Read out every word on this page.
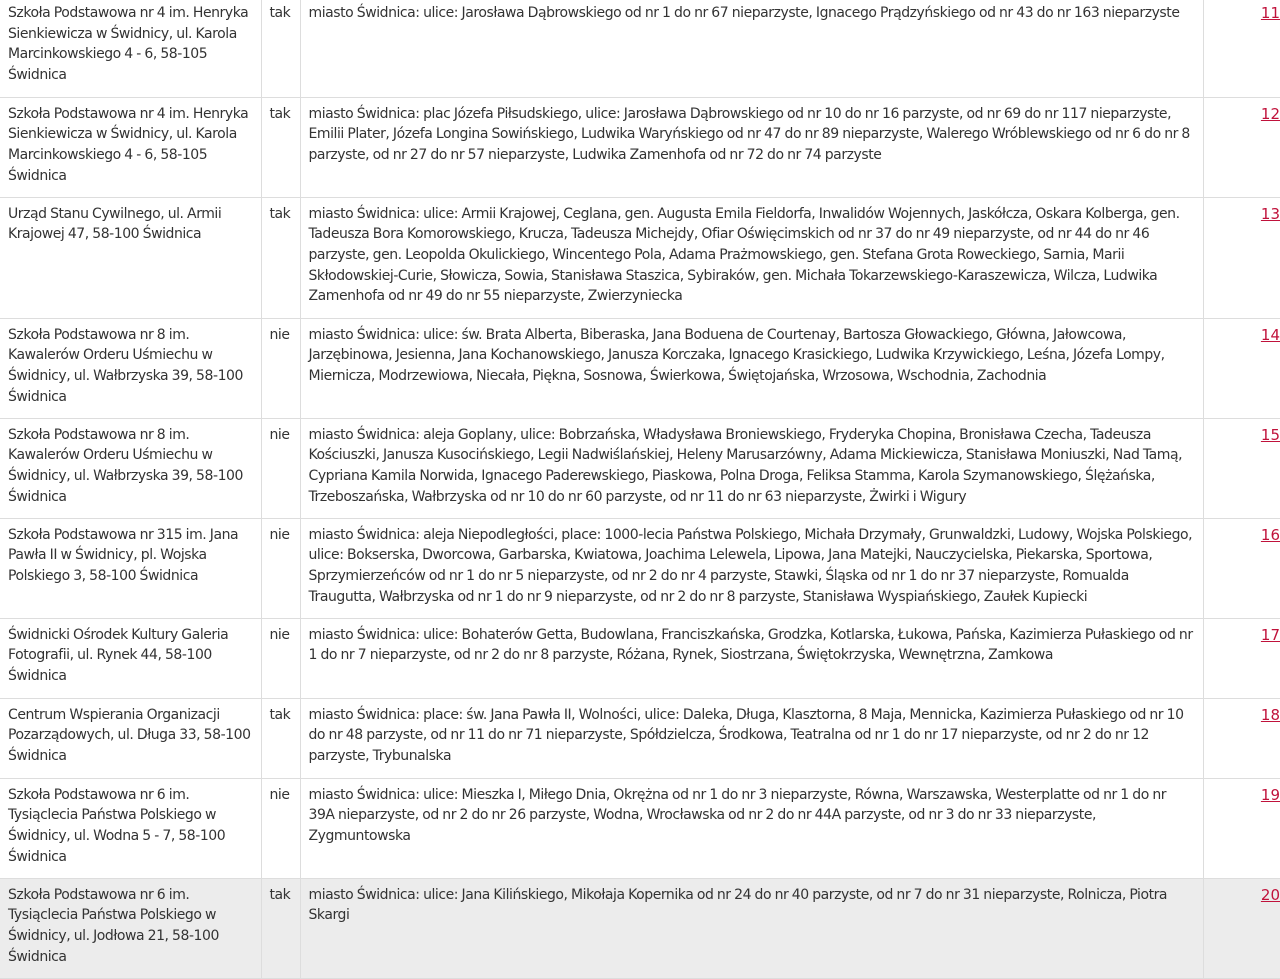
Szkoła Podstawowa nr 4 im. Henryka Sienkiewicza w Świdnicy, ul. Karola Marcinkowskiego 4 - 6, 58-105 Świdnica	tak	miasto Świdnica: ulice: Jarosława Dąbrowskiego od nr 1 do nr 67 nieparzyste, Ignacego Prądzyńskiego od nr 43 do nr 163 nieparzyste	11
Szkoła Podstawowa nr 4 im. Henryka Sienkiewicza w Świdnicy, ul. Karola Marcinkowskiego 4 - 6, 58-105 Świdnica	tak	miasto Świdnica: plac Józefa Piłsudskiego, ulice: Jarosława Dąbrowskiego od nr 10 do nr 16 parzyste, od nr 69 do nr 117 nieparzyste, Emilii Plater, Józefa Longina Sowińskiego, Ludwika Waryńskiego od nr 47 do nr 89 nieparzyste, Walerego Wróblewskiego od nr 6 do nr 8 parzyste, od nr 27 do nr 57 nieparzyste, Ludwika Zamenhofa od nr 72 do nr 74 parzyste	12
Urząd Stanu Cywilnego, ul. Armii Krajowej 47, 58-100 Świdnica	tak	miasto Świdnica: ulice: Armii Krajowej, Ceglana, gen. Augusta Emila Fieldorfa, Inwalidów Wojennych, Jaskółcza, Oskara Kolberga, gen. Tadeusza Bora Komorowskiego, Krucza, Tadeusza Michejdy, Ofiar Oświęcimskich od nr 37 do nr 49 nieparzyste, od nr 44 do nr 46 parzyste, gen. Leopolda Okulickiego, Wincentego Pola, Adama Prażmowskiego, gen. Stefana Grota Roweckiego, Sarnia, Marii Skłodowskiej-Curie, Słowicza, Sowia, Stanisława Staszica, Sybiraków, gen. Michała Tokarzewskiego-Karaszewicza, Wilcza, Ludwika Zamenhofa od nr 49 do nr 55 nieparzyste, Zwierzyniecka	13
Szkoła Podstawowa nr 8 im. Kawalerów Orderu Uśmiechu w Świdnicy, ul. Wałbrzyska 39, 58-100 Świdnica	nie	miasto Świdnica: ulice: św. Brata Alberta, Biberaska, Jana Boduena de Courtenay, Bartosza Głowackiego, Główna, Jałowcowa, Jarzębinowa, Jesienna, Jana Kochanowskiego, Janusza Korczaka, Ignacego Krasickiego, Ludwika Krzywickiego, Leśna, Józefa Lompy, Miernicza, Modrzewiowa, Niecała, Piękna, Sosnowa, Świerkowa, Świętojańska, Wrzosowa, Wschodnia, Zachodnia	14
Szkoła Podstawowa nr 8 im. Kawalerów Orderu Uśmiechu w Świdnicy, ul. Wałbrzyska 39, 58-100 Świdnica	nie	miasto Świdnica: aleja Goplany, ulice: Bobrzańska, Władysława Broniewskiego, Fryderyka Chopina, Bronisława Czecha, Tadeusza Kościuszki, Janusza Kusocińskiego, Legii Nadwiślańskiej, Heleny Marusarzówny, Adama Mickiewicza, Stanisława Moniuszki, Nad Tamą, Cypriana Kamila Norwida, Ignacego Paderewskiego, Piaskowa, Polna Droga, Feliksa Stamma, Karola Szymanowskiego, Ślężańska, Trzeboszańska, Wałbrzyska od nr 10 do nr 60 parzyste, od nr 11 do nr 63 nieparzyste, Żwirki i Wigury	15
Szkoła Podstawowa nr 315 im. Jana Pawła II w Świdnicy, pl. Wojska Polskiego 3, 58-100 Świdnica	nie	miasto Świdnica: aleja Niepodległości, place: 1000-lecia Państwa Polskiego, Michała Drzymały, Grunwaldzki, Ludowy, Wojska Polskiego, ulice: Bokserska, Dworcowa, Garbarska, Kwiatowa, Joachima Lelewela, Lipowa, Jana Matejki, Nauczycielska, Piekarska, Sportowa, Sprzymierzeńców od nr 1 do nr 5 nieparzyste, od nr 2 do nr 4 parzyste, Stawki, Śląska od nr 1 do nr 37 nieparzyste, Romualda Traugutta, Wałbrzyska od nr 1 do nr 9 nieparzyste, od nr 2 do nr 8 parzyste, Stanisława Wyspiańskiego, Zaułek Kupiecki	16
Świdnicki Ośrodek Kultury Galeria Fotografii, ul. Rynek 44, 58-100 Świdnica	nie	miasto Świdnica: ulice: Bohaterów Getta, Budowlana, Franciszkańska, Grodzka, Kotlarska, Łukowa, Pańska, Kazimierza Pułaskiego od nr 1 do nr 7 nieparzyste, od nr 2 do nr 8 parzyste, Różana, Rynek, Siostrzana, Świętokrzyska, Wewnętrzna, Zamkowa	17
Centrum Wspierania Organizacji Pozarządowych, ul. Długa 33, 58-100 Świdnica	tak	miasto Świdnica: place: św. Jana Pawła II, Wolności, ulice: Daleka, Długa, Klasztorna, 8 Maja, Mennicka, Kazimierza Pułaskiego od nr 10 do nr 48 parzyste, od nr 11 do nr 71 nieparzyste, Spółdzielcza, Środkowa, Teatralna od nr 1 do nr 17 nieparzyste, od nr 2 do nr 12 parzyste, Trybunalska	18
Szkoła Podstawowa nr 6 im. Tysiąclecia Państwa Polskiego w Świdnicy, ul. Wodna 5 - 7, 58-100 Świdnica	nie	miasto Świdnica: ulice: Mieszka I, Miłego Dnia, Okrężna od nr 1 do nr 3 nieparzyste, Równa, Warszawska, Westerplatte od nr 1 do nr 39A nieparzyste, od nr 2 do nr 26 parzyste, Wodna, Wrocławska od nr 2 do nr 44A parzyste, od nr 3 do nr 33 nieparzyste, Zygmuntowska	19
Szkoła Podstawowa nr 6 im. Tysiąclecia Państwa Polskiego w Świdnicy, ul. Jodłowa 21, 58-100 Świdnica	tak	miasto Świdnica: ulice: Jana Kilińskiego, Mikołaja Kopernika od nr 24 do nr 40 parzyste, od nr 7 do nr 31 nieparzyste, Rolnicza, Piotra Skargi	20
